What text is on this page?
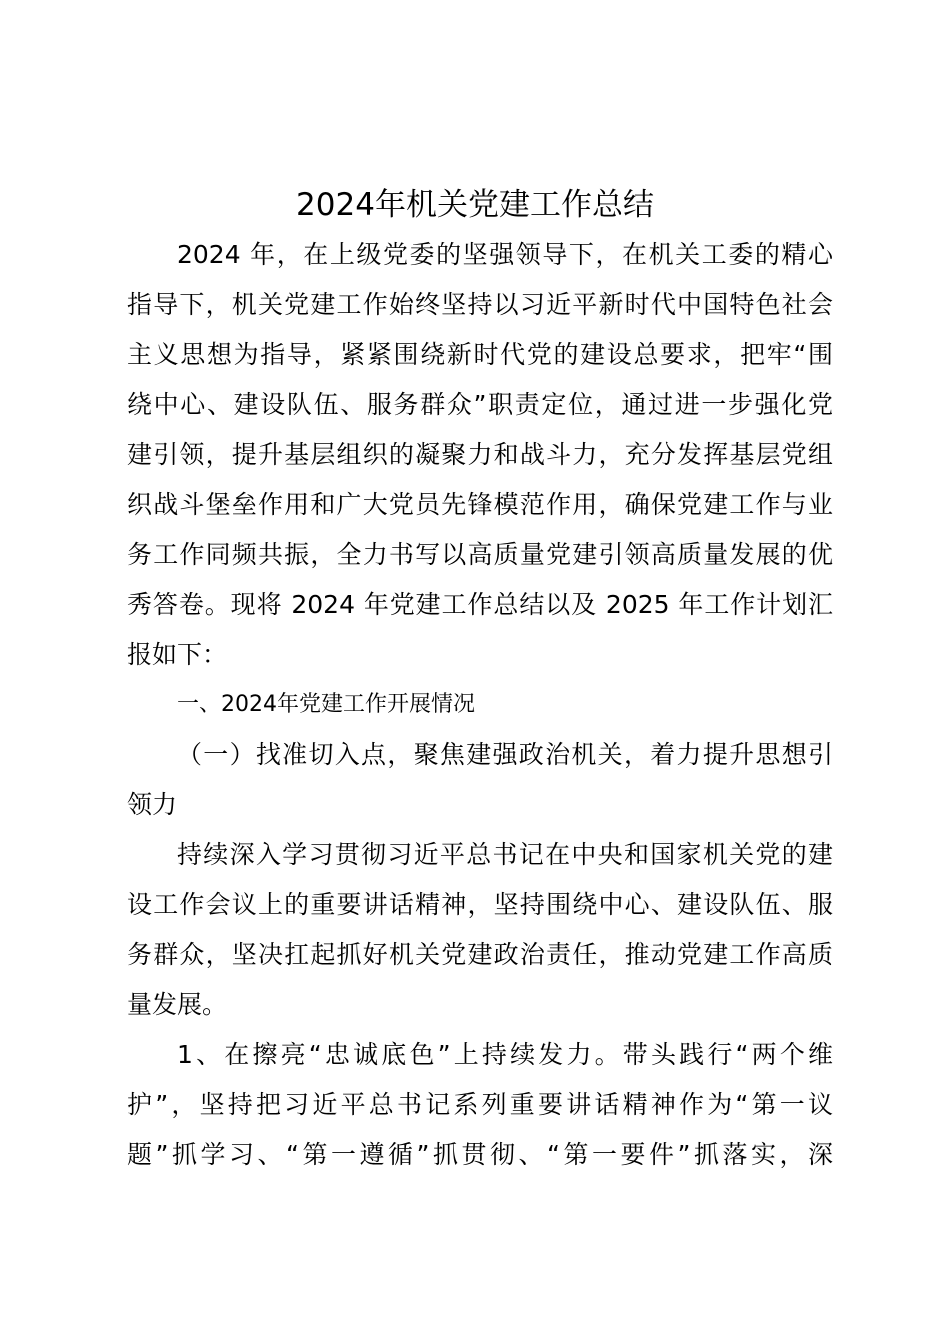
2024年机关党建工作总结
2024 年，在上级党委的坚强领导下，在机关工委的精心
指导下，机关党建工作始终坚持以习近平新时代中国特色社会
主义思想为指导，紧紧围绕新时代党的建设总要求，把牢“围
绕中心、建设队伍、服务群众”职责定位，通过进一步强化党
建引领，提升基层组织的凝聚力和战斗力，充分发挥基层党组
织战斗堡垒作用和广大党员先锋模范作用，确保党建工作与业
务工作同频共振，全力书写以高质量党建引领高质量发展的优
秀答卷。现将 2024 年党建工作总结以及 2025 年工作计划汇
报如下：
一、2024年党建工作开展情况
（一）找准切入点，聚焦建强政治机关，着力提升思想引
领力
持续深入学习贯彻习近平总书记在中央和国家机关党的建
设工作会议上的重要讲话精神，坚持围绕中心、建设队伍、服
务群众，坚决扛起抓好机关党建政治责任，推动党建工作高质
量发展。
1、在擦亮“忠诚底色”上持续发力。带头践行“两个维
护”，坚持把习近平总书记系列重要讲话精神作为“第一议
题”抓学习、“第一遵循”抓贯彻、“第一要件”抓落实，深
